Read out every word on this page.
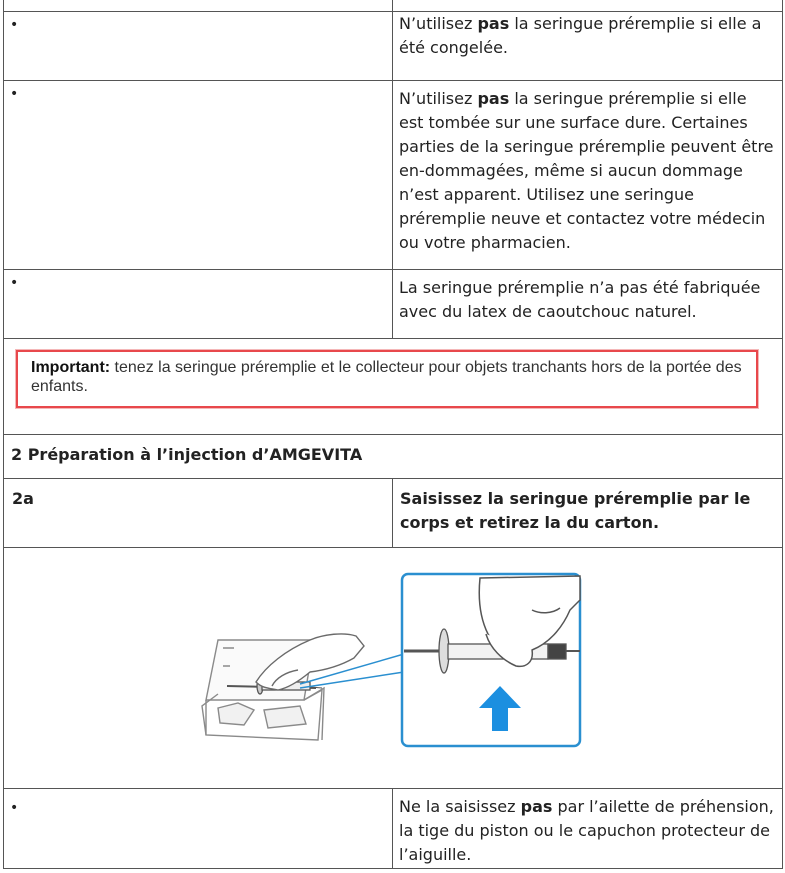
•	N’utilisez pas la seringue préremplie si elle a été congelée.
•	N’utilisez pas la seringue préremplie si elle est tombée sur une surface dure. Certaines parties de la seringue préremplie peuvent être en-dommagées, même si aucun dommage n’est apparent. Utilisez une seringue préremplie neuve et contactez votre médecin ou votre pharmacien.
•	La seringue préremplie n’a pas été fabriquée avec du latex de caoutchouc naturel.

Important: tenez la seringue préremplie et le collecteur pour objets tranchants hors de la portée des enfants.	

2 Préparation à l’injection d’AMGEVITA	
2a	Saisissez la seringue préremplie par le corps et retirez la du carton.

•	Ne la saisissez pas par l’ailette de préhension, la tige du piston ou le capuchon protecteur de l’aiguille.
